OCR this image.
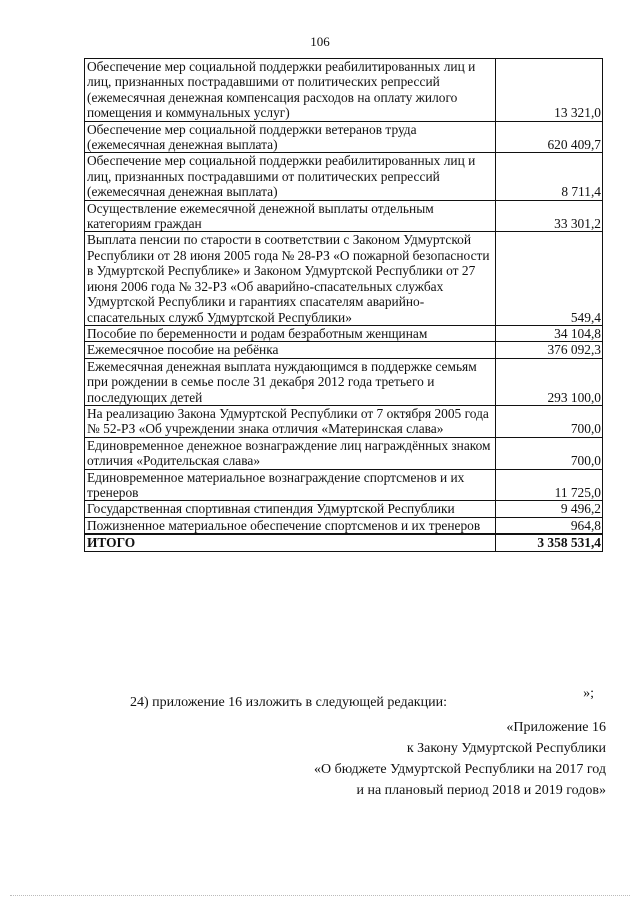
106
Обеспечение мер социальной поддержки реабилитированных лиц и лиц, признанных пострадавшими от политических репрессий (ежемесячная денежная компенсация расходов на оплату жилого помещения и коммунальных услуг)	13 321,0
Обеспечение мер социальной поддержки ветеранов труда (ежемесячная денежная выплата)	620 409,7
Обеспечение мер социальной поддержки реабилитированных лиц и лиц, признанных пострадавшими от политических репрессий (ежемесячная денежная выплата)	8 711,4
Осуществление ежемесячной денежной выплаты отдельным категориям граждан	33 301,2
Выплата пенсии по старости в соответствии с Законом Удмуртской Республики от 28 июня 2005 года № 28-РЗ «О пожарной безопасности в Удмуртской Республике» и Законом Удмуртской Республики от 27 июня 2006 года № 32-РЗ «Об аварийно-спасательных службах Удмуртской Республики и гарантиях спасателям аварийно-спасательных служб Удмуртской Республики»	549,4
Пособие по беременности и родам безработным женщинам	34 104,8
Ежемесячное пособие на ребёнка	376 092,3
Ежемесячная денежная выплата нуждающимся в поддержке семьям при рождении в семье после 31 декабря 2012 года третьего и последующих детей	293 100,0
На реализацию Закона Удмуртской Республики от 7 октября 2005 года № 52-РЗ «Об учреждении знака отличия «Материнская слава»	700,0
Единовременное денежное вознаграждение лиц награждённых знаком отличия «Родительская слава»	700,0
Единовременное материальное вознаграждение спортсменов и их тренеров	11 725,0
Государственная спортивная стипендия Удмуртской Республики	9 496,2
Пожизненное материальное обеспечение спортсменов и их тренеров	964,8
ИТОГО	3 358 531,4
»;
24) приложение 16 изложить в следующей редакции:
«Приложение 16
к Закону Удмуртской Республики
«О бюджете Удмуртской Республики на 2017 год
и на плановый период 2018 и 2019 годов»
